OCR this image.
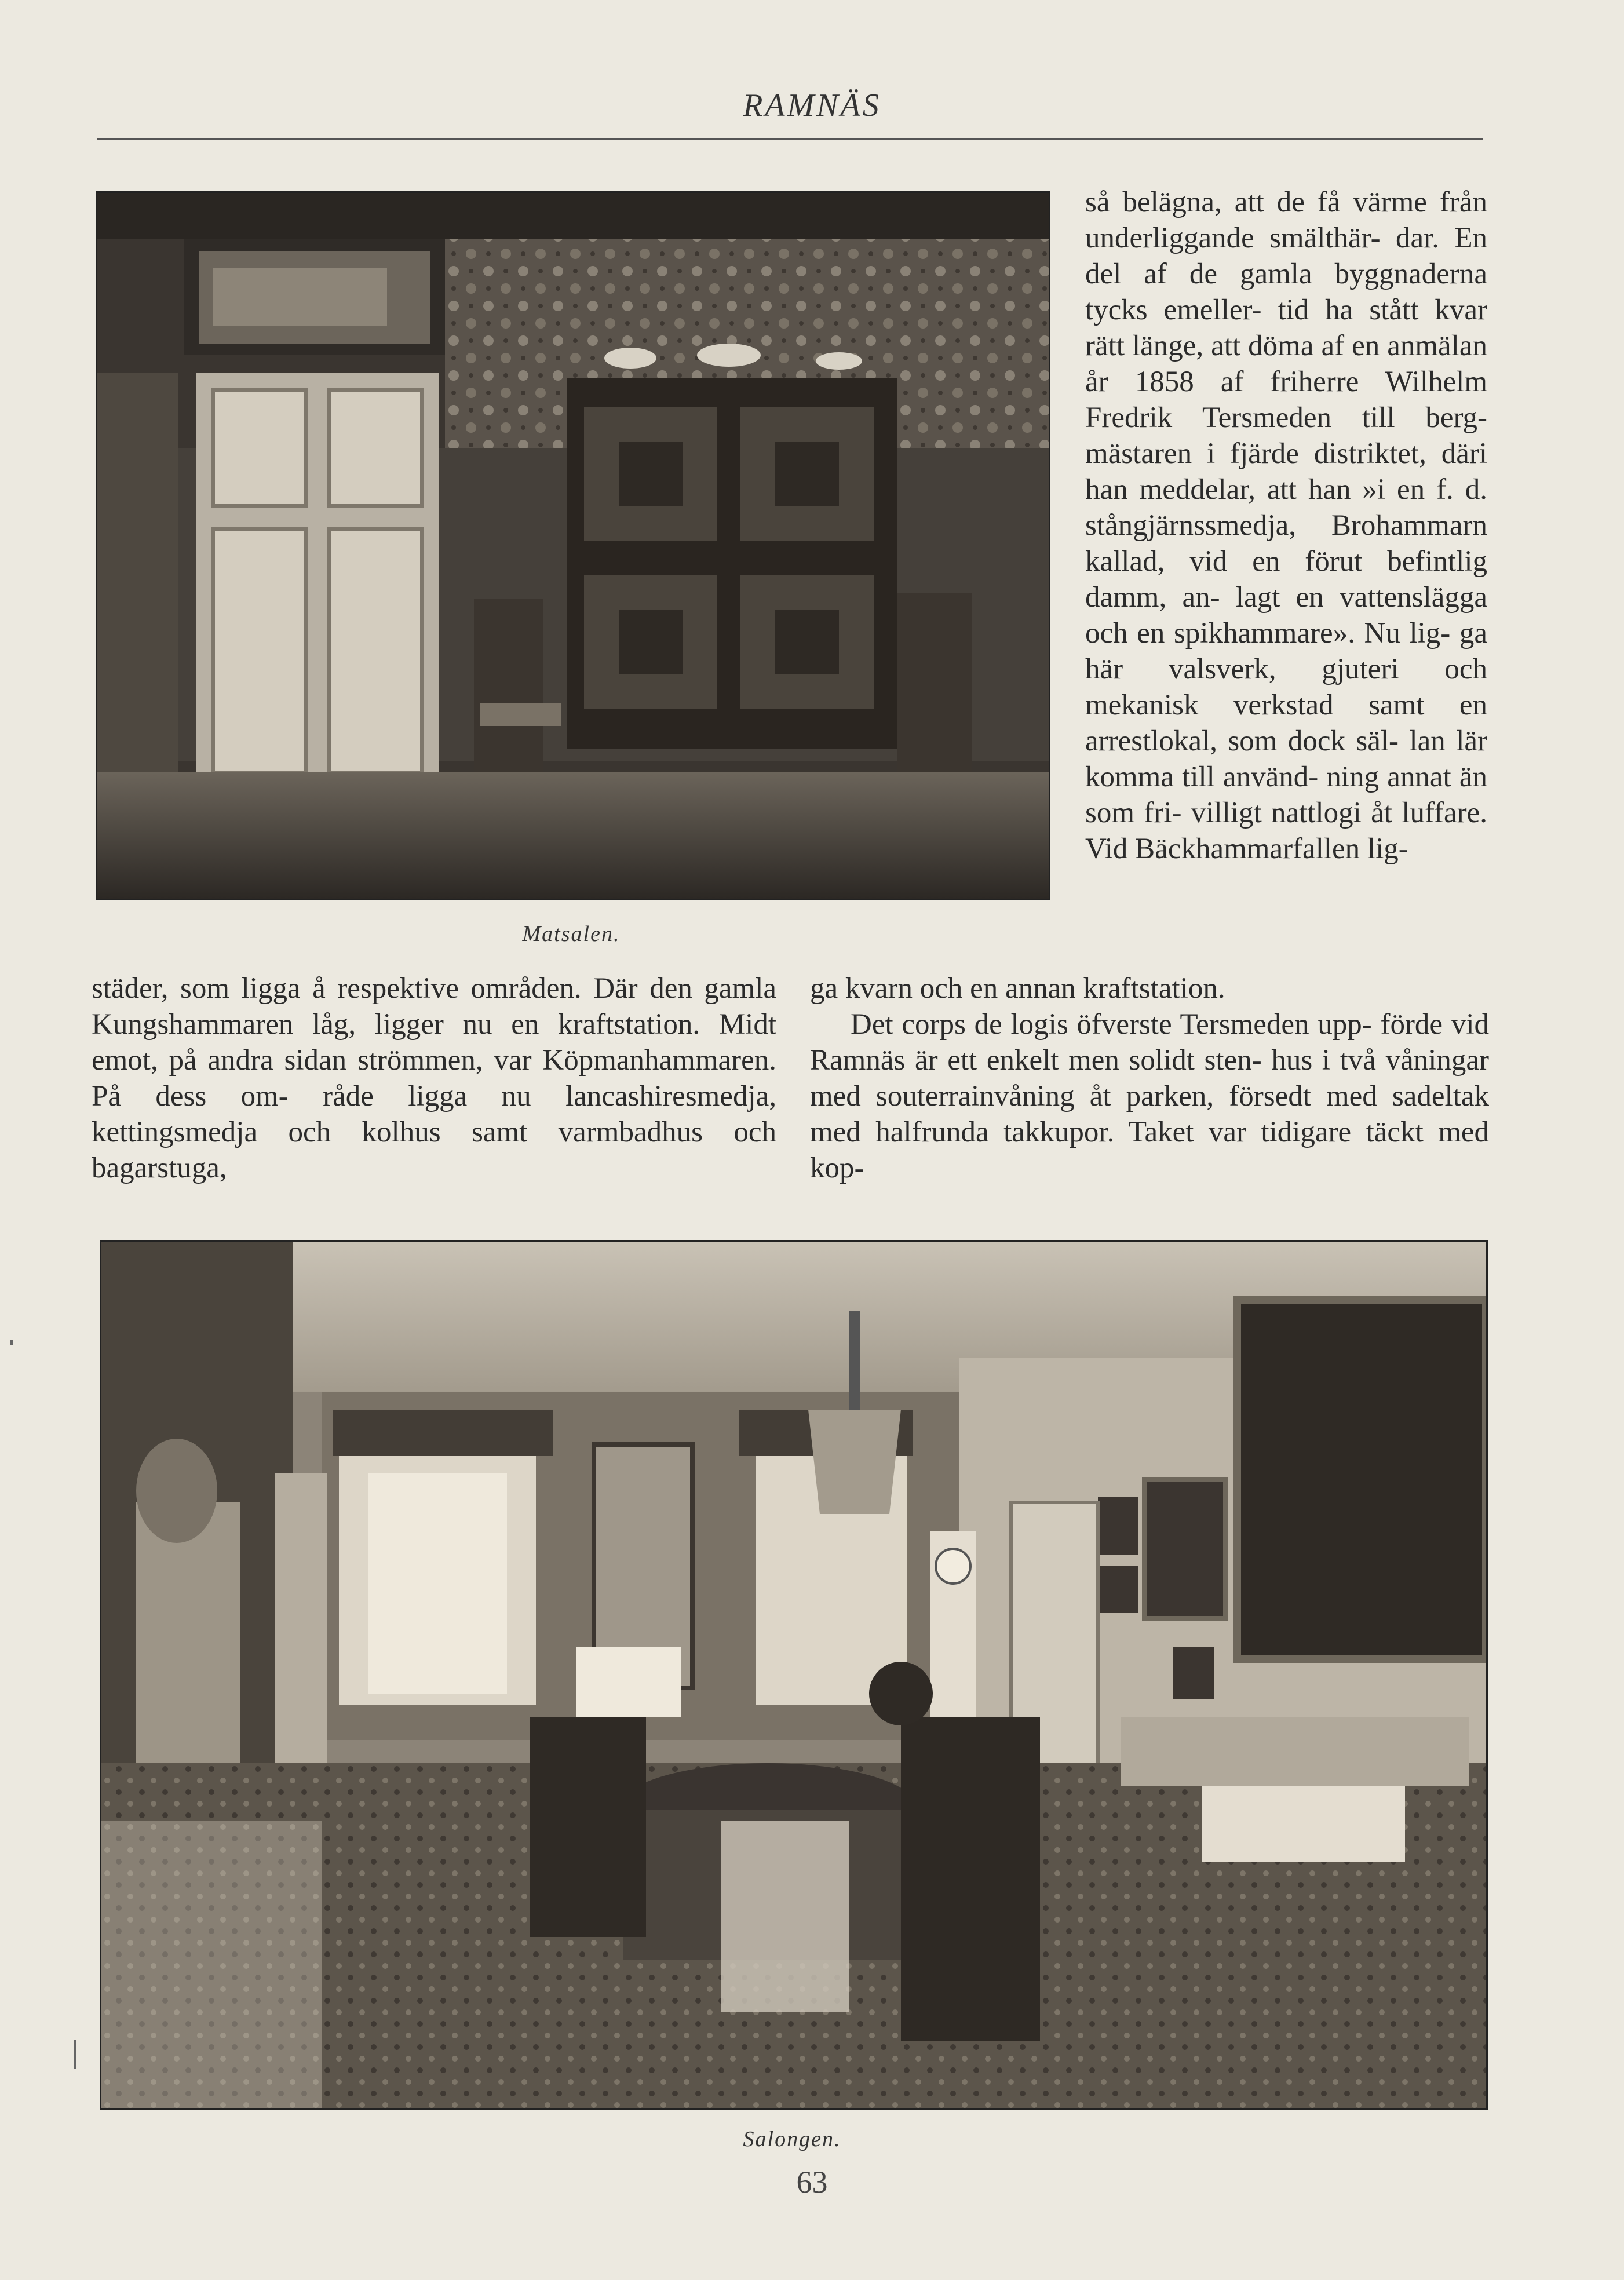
RAMNÄS
Matsalen.

så belägna, att de få värme från underliggande smälthär- dar. En del af de gamla byggnaderna tycks emeller- tid ha stått kvar rätt länge, att döma af en anmälan år 1858 af friherre Wilhelm Fredrik Tersmeden till berg- mästaren i fjärde distriktet, däri han meddelar, att han »i en f. d. stångjärnssmedja, Brohammarn kallad, vid en förut befintlig damm, an- lagt en vattenslägga och en spikhammare». Nu lig- ga här valsverk, gjuteri och mekanisk verkstad samt en arrestlokal, som dock säl- lan lär komma till använd- ning annat än som fri- villigt nattlogi åt luffare. Vid Bäckhammarfallen lig-

städer, som ligga å respektive områden. Där den gamla Kungshammaren låg, ligger nu en kraftstation. Midt emot, på andra sidan strömmen, var Köpmanhammaren. På dess om- råde ligga nu lancashiresmedja, kettingsmedja och kolhus samt varmbadhus och bagarstuga,

ga kvarn och en annan kraftstation.

Det corps de logis öfverste Tersmeden upp- förde vid Ramnäs är ett enkelt men solidt sten- hus i två våningar med souterrainvåning åt parken, försedt med sadeltak med halfrunda takkupor. Taket var tidigare täckt med kop-

Salongen.
63
